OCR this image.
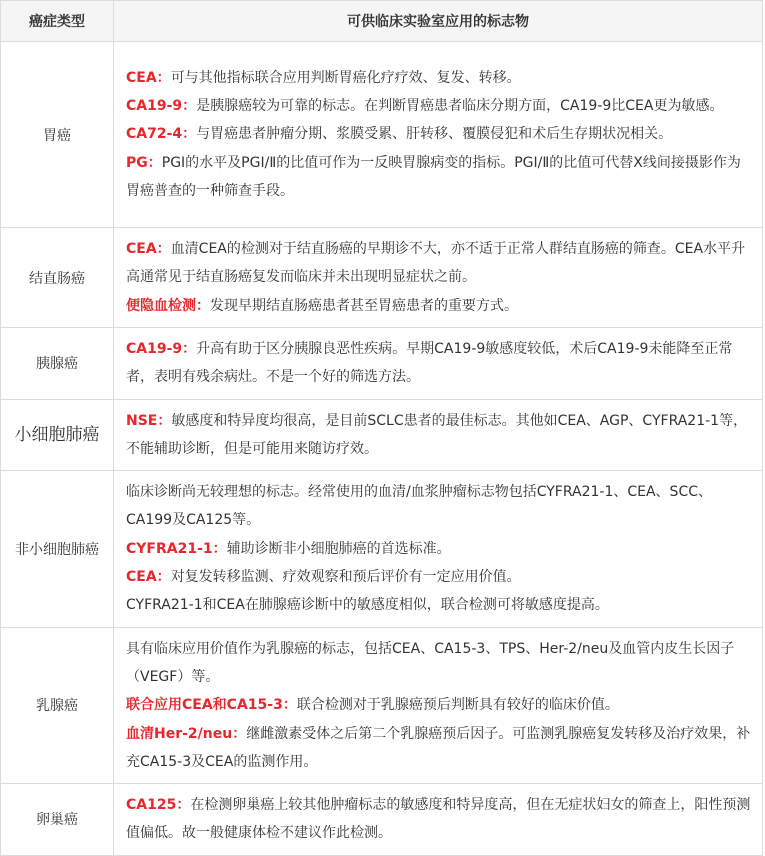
癌症类型	可供临床实验室应用的标志物
胃癌	CEA：可与其他指标联合应用判断胃癌化疗疗效、复发、转移。
CA19-9：是胰腺癌较为可靠的标志。在判断胃癌患者临床分期方面，CA19-9比CEA更为敏感。
CA72-4：与胃癌患者肿瘤分期、浆膜受累、肝转移、覆膜侵犯和术后生存期状况相关。
PG：PGⅠ的水平及PGⅠ/Ⅱ的比值可作为一反映胃腺病变的指标。PGⅠ/Ⅱ的比值可代替X线间接摄影作为胃癌普查的一种筛查手段。

结直肠癌	CEA：血清CEA的检测对于结直肠癌的早期诊不大，亦不适于正常人群结直肠癌的筛查。CEA水平升高通常见于结直肠癌复发而临床并未出现明显症状之前。
便隐血检测：发现早期结直肠癌患者甚至胃癌患者的重要方式。

胰腺癌	CA19-9：升高有助于区分胰腺良恶性疾病。早期CA19-9敏感度较低，术后CA19-9未能降至正常者，表明有残余病灶。不是一个好的筛选方法。

小细胞肺癌	NSE：敏感度和特异度均很高，是目前SCLC患者的最佳标志。其他如CEA、AGP、CYFRA21-1等，不能辅助诊断，但是可能用来随访疗效。

非小细胞肺癌	临床诊断尚无较理想的标志。经常使用的血清/血浆肿瘤标志物包括CYFRA21-1、CEA、SCC、CA199及CA125等。
CYFRA21-1：辅助诊断非小细胞肺癌的首选标准。
CEA：对复发转移监测、疗效观察和预后评价有一定应用价值。
CYFRA21-1和CEA在肺腺癌诊断中的敏感度相似，联合检测可将敏感度提高。

乳腺癌	具有临床应用价值作为乳腺癌的标志，包括CEA、CA15-3、TPS、Her-2/neu及血管内皮生长因子（VEGF）等。
联合应用CEA和CA15-3：联合检测对于乳腺癌预后判断具有较好的临床价值。
血清Her-2/neu：继雌激素受体之后第二个乳腺癌预后因子。可监测乳腺癌复发转移及治疗效果，补充CA15-3及CEA的监测作用。

卵巢癌	CA125：在检测卵巢癌上较其他肿瘤标志的敏感度和特异度高，但在无症状妇女的筛查上，阳性预测值偏低。故一般健康体检不建议作此检测。
